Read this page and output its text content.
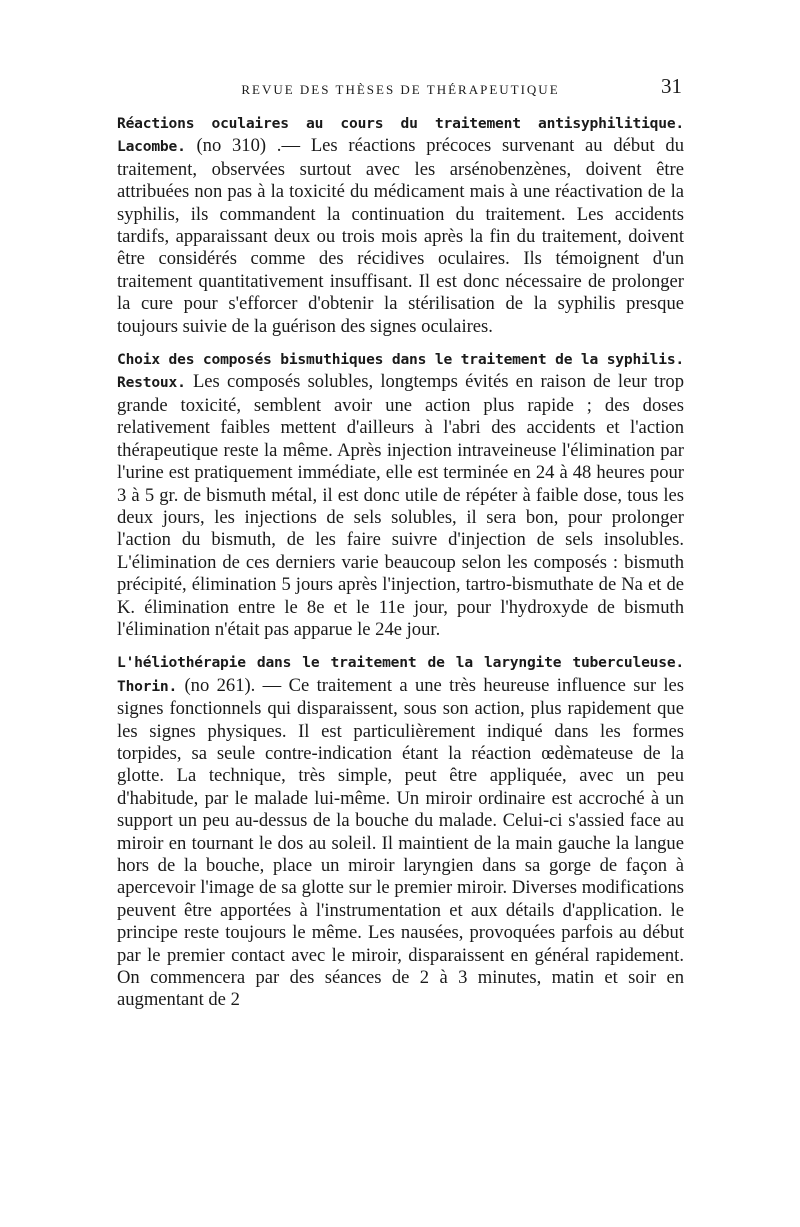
REVUE DES THÈSES DE THÉRAPEUTIQUE	31

Réactions oculaires au cours du traitement antisyphilitique. Lacombe. (no 310) .— Les réactions précoces survenant au début du traitement, observées surtout avec les arsénobenzènes, doivent être attribuées non pas à la toxicité du médicament mais à une réactivation de la syphilis, ils commandent la continuation du traitement. Les accidents tardifs, apparaissant deux ou trois mois après la fin du traitement, doivent être considérés comme des récidives oculaires. Ils témoignent d'un traitement quantitativement insuffisant. Il est donc nécessaire de prolonger la cure pour s'efforcer d'obtenir la stérilisation de la syphilis presque toujours suivie de la guérison des signes oculaires.

Choix des composés bismuthiques dans le traitement de la syphilis. Restoux. Les composés solubles, longtemps évités en raison de leur trop grande toxicité, semblent avoir une action plus rapide ; des doses relativement faibles mettent d'ailleurs à l'abri des accidents et l'action thérapeutique reste la même. Après injection intraveineuse l'élimination par l'urine est pratiquement immédiate, elle est terminée en 24 à 48 heures pour 3 à 5 gr. de bismuth métal, il est donc utile de répéter à faible dose, tous les deux jours, les injections de sels solubles, il sera bon, pour prolonger l'action du bismuth, de les faire suivre d'injection de sels insolubles. L'élimination de ces derniers varie beaucoup selon les composés : bismuth précipité, élimination 5 jours après l'injection, tartro-bismuthate de Na et de K. élimination entre le 8e et le 11e jour, pour l'hydroxyde de bismuth l'élimination n'était pas apparue le 24e jour.

L'héliothérapie dans le traitement de la laryngite tuberculeuse. Thorin. (no 261). — Ce traitement a une très heureuse influence sur les signes fonctionnels qui disparaissent, sous son action, plus rapidement que les signes physiques. Il est particulièrement indiqué dans les formes torpides, sa seule contre-indication étant la réaction œdèmateuse de la glotte. La technique, très simple, peut être appliquée, avec un peu d'habitude, par le malade lui-même. Un miroir ordinaire est accroché à un support un peu au-dessus de la bouche du malade. Celui-ci s'assied face au miroir en tournant le dos au soleil. Il maintient de la main gauche la langue hors de la bouche, place un miroir laryngien dans sa gorge de façon à apercevoir l'image de sa glotte sur le premier miroir. Diverses modifications peuvent être apportées à l'instrumentation et aux détails d'application. le principe reste toujours le même. Les nausées, provoquées parfois au début par le premier contact avec le miroir, disparaissent en général rapidement. On commencera par des séances de 2 à 3 minutes, matin et soir en augmentant de 2
